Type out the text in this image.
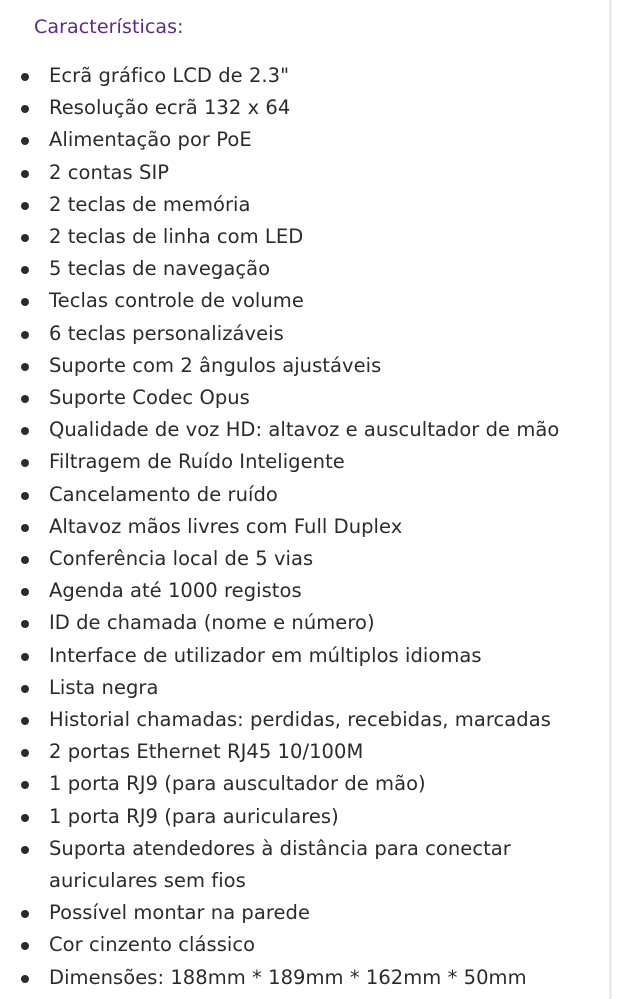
Características:
Ecrã gráfico LCD de 2.3"
Resolução ecrã 132 x 64
Alimentação por PoE
2 contas SIP
2 teclas de memória
2 teclas de linha com LED
5 teclas de navegação
Teclas controle de volume
6 teclas personalizáveis
Suporte com 2 ângulos ajustáveis
Suporte Codec Opus
Qualidade de voz HD: altavoz e auscultador de mão
Filtragem de Ruído Inteligente
Cancelamento de ruído
Altavoz mãos livres com Full Duplex
Conferência local de 5 vias
Agenda até 1000 registos
ID de chamada (nome e número)
Interface de utilizador em múltiplos idiomas
Lista negra
Historial chamadas: perdidas, recebidas, marcadas
2 portas Ethernet RJ45 10/100M
1 porta RJ9 (para auscultador de mão)
1 porta RJ9 (para auriculares)
Suporta atendedores à distância para conectar auriculares sem fios
Possível montar na parede
Cor cinzento clássico
Dimensões: 188mm * 189mm * 162mm * 50mm
